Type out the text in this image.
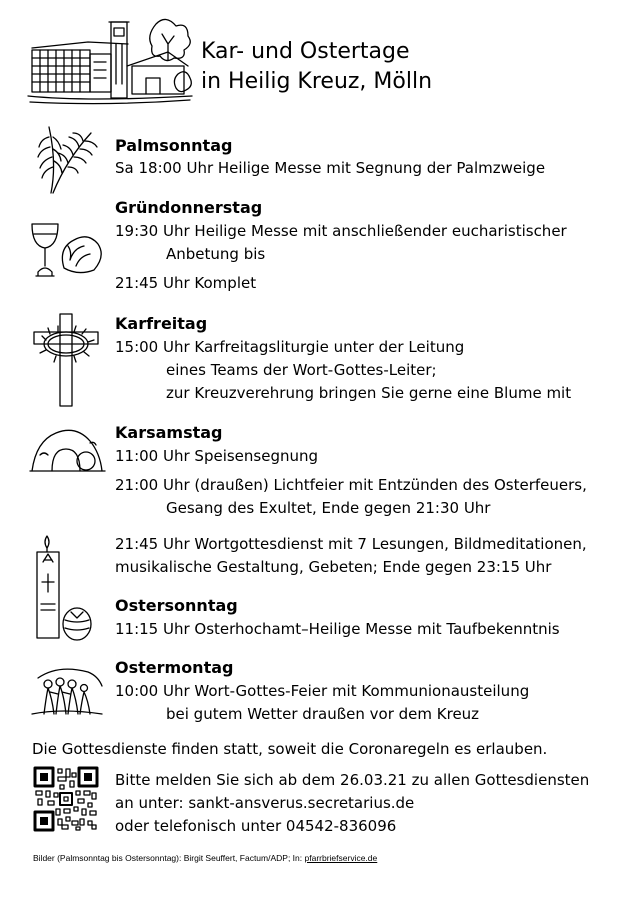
Kar- und Ostertage
in Heilig Kreuz, Mölln
Palmsonntag
Sa 18:00 Uhr Heilige Messe mit Segnung der Palmzweige
Gründonnerstag
19:30 Uhr Heilige Messe mit anschließender eucharistischer
Anbetung bis
21:45 Uhr Komplet
Karfreitag
15:00 Uhr Karfreitagsliturgie unter der Leitung
eines Teams der Wort-Gottes-Leiter;
zur Kreuzverehrung bringen Sie gerne eine Blume mit
Karsamstag
11:00 Uhr Speisensegnung
21:00 Uhr (draußen) Lichtfeier mit Entzünden des Osterfeuers,
Gesang des Exultet, Ende gegen 21:30 Uhr
21:45 Uhr Wortgottesdienst mit 7 Lesungen, Bildmeditationen,
musikalische Gestaltung, Gebeten; Ende gegen 23:15 Uhr
Ostersonntag
11:15 Uhr Osterhochamt–Heilige Messe mit Taufbekenntnis
Ostermontag
10:00 Uhr Wort-Gottes-Feier mit Kommunionausteilung
bei gutem Wetter draußen vor dem Kreuz
Die Gottesdienste finden statt, soweit die Coronaregeln es erlauben.
Bitte melden Sie sich ab dem 26.03.21 zu allen Gottesdiensten
an unter: sankt-ansverus.secretarius.de
oder telefonisch unter 04542-836096
Bilder (Palmsonntag bis Ostersonntag): Birgit Seuffert, Factum/ADP; In: pfarrbriefservice.de
